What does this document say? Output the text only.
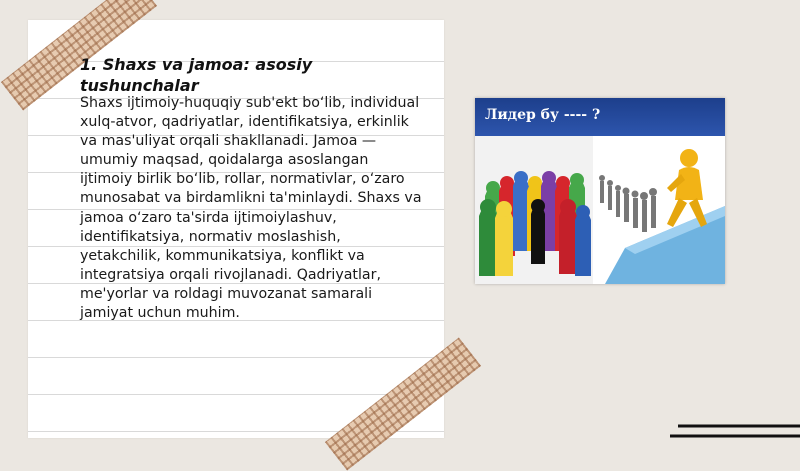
1. Shaxs va jamoa: asosiy tushunchalar
Shaxs ijtimoiy-huquqiy sub'ekt bo‘lib, individual xulq-atvor, qadriyatlar, identifikatsiya, erkinlik va mas'uliyat orqali shakllanadi. Jamoa — umumiy maqsad, qoidalarga asoslangan ijtimoiy birlik bo‘lib, rollar, normativlar, o‘zaro munosabat va birdamlikni ta'minlaydi. Shaxs va jamoa o‘zaro ta'sirda ijtimoiylashuv, identifikatsiya, normativ moslashish, yetakchilik, kommunikatsiya, konflikt va integratsiya orqali rivojlanadi. Qadriyatlar, me'yorlar va roldagi muvozanat samarali jamiyat uchun muhim.
Лидер бу ---- ?
